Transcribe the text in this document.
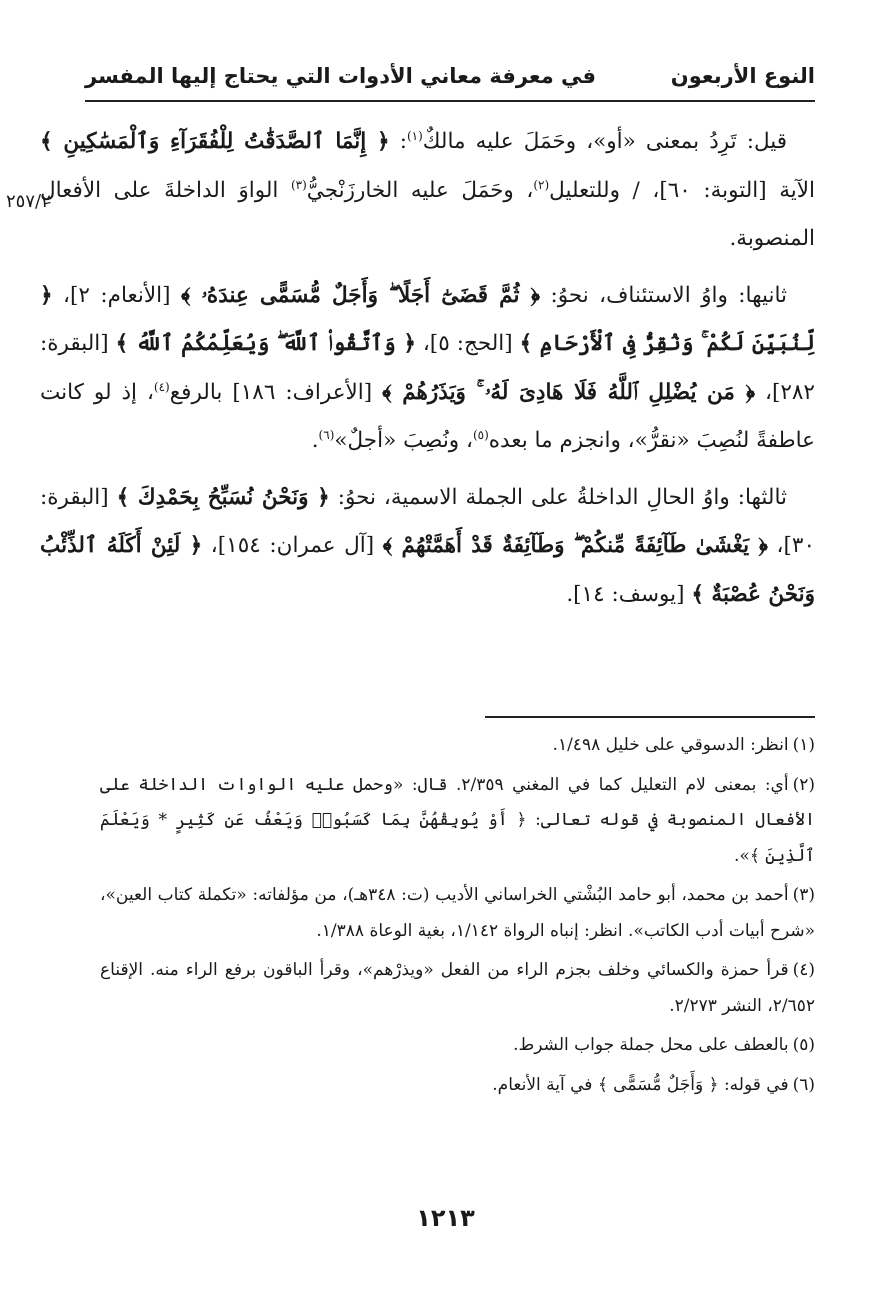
النوع الأربعون
في معرفة معاني الأدوات التي يحتاج إليها المفسر
٢٥٧/٢

قيل: تَرِدُ بمعنى «أو»، وحَمَلَ عليه مالكٌ$^{(١)}$: ﴿ إِنَّمَا ٱلصَّدَقَٰتُ لِلْفُقَرَآءِ وَٱلْمَسَٰكِينِ ﴾ الآية [التوبة: ٦٠]، / وللتعليل$^{(٢)}$، وحَمَلَ عليه الخارزَنْجيُّ$^{(٣)}$ الواوَ الداخلةَ على الأفعالِ المنصوبة.

ثانيها: واوُ الاستئناف، نحوُ: ﴿ ثُمَّ قَضَىٰٓ أَجَلًا ۖ وَأَجَلٌ مُّسَمًّى عِندَهُۥ ﴾ [الأنعام: ٢]، ﴿ لِّنُبَيِّنَ لَكُمْ ۚ وَنُقِرُّ فِى ٱلْأَرْحَامِ ﴾ [الحج: ٥]، ﴿ وَٱتَّقُوا۟ ٱللَّهَ ۖ وَيُعَلِّمُكُمُ ٱللَّهُ ﴾ [البقرة: ٢٨٢]، ﴿ مَن يُضْلِلِ ٱللَّهُ فَلَا هَادِىَ لَهُۥ ۚ وَيَذَرُهُمْ ﴾ [الأعراف: ١٨٦] بالرفع$^{(٤)}$، إذ لو كانت عاطفةً لنُصِبَ «نقرُّ»، وانجزم ما بعده$^{(٥)}$، ونُصِبَ «أجلٌ»$^{(٦)}$.

ثالثها: واوُ الحالِ الداخلةُ على الجملة الاسمية، نحوُ: ﴿ وَنَحْنُ نُسَبِّحُ بِحَمْدِكَ ﴾ [البقرة: ٣٠]، ﴿ يَغْشَىٰ طَآئِفَةً مِّنكُمْ ۖ وَطَآئِفَةٌ قَدْ أَهَمَّتْهُمْ ﴾ [آل عمران: ١٥٤]، ﴿ لَئِنْ أَكَلَهُ ٱلذِّئْبُ وَنَحْنُ عُصْبَةٌ ﴾ [يوسف: ١٤].

(١)انظر: الدسوقي على خليل ١/٤٩٨.

(٢)أي: بمعنى لام التعليل كما في المغني ٢/٣٥٩. قال: «وحمل عليه الواوات الداخلة على الأفعال المنصوبة في قوله تعالى: ﴿ أَوْ يُوبِقْهُنَّ بِمَا كَسَبُوا۟ وَيَعْفُ عَن كَثِيرٍ * وَيَعْلَمَ ٱلَّذِينَ ﴾».

(٣)أحمد بن محمد، أبو حامد البُشْتي الخراساني الأديب (ت: ٣٤٨هـ)، من مؤلفاته: «تكملة كتاب العين»، «شرح أبيات أدب الكاتب». انظر: إنباه الرواة ١/١٤٢، بغية الوعاة ١/٣٨٨.

(٤)قرأ حمزة والكسائي وخلف بجزم الراء من الفعل «ويذرْهم»، وقرأ الباقون برفع الراء منه. الإقناع ٢/٦٥٢، النشر ٢/٢٧٣.

(٥)بالعطف على محل جملة جواب الشرط.

(٦)في قوله: ﴿ وَأَجَلٌ مُّسَمًّى ﴾ في آية الأنعام.

١٢١٣
